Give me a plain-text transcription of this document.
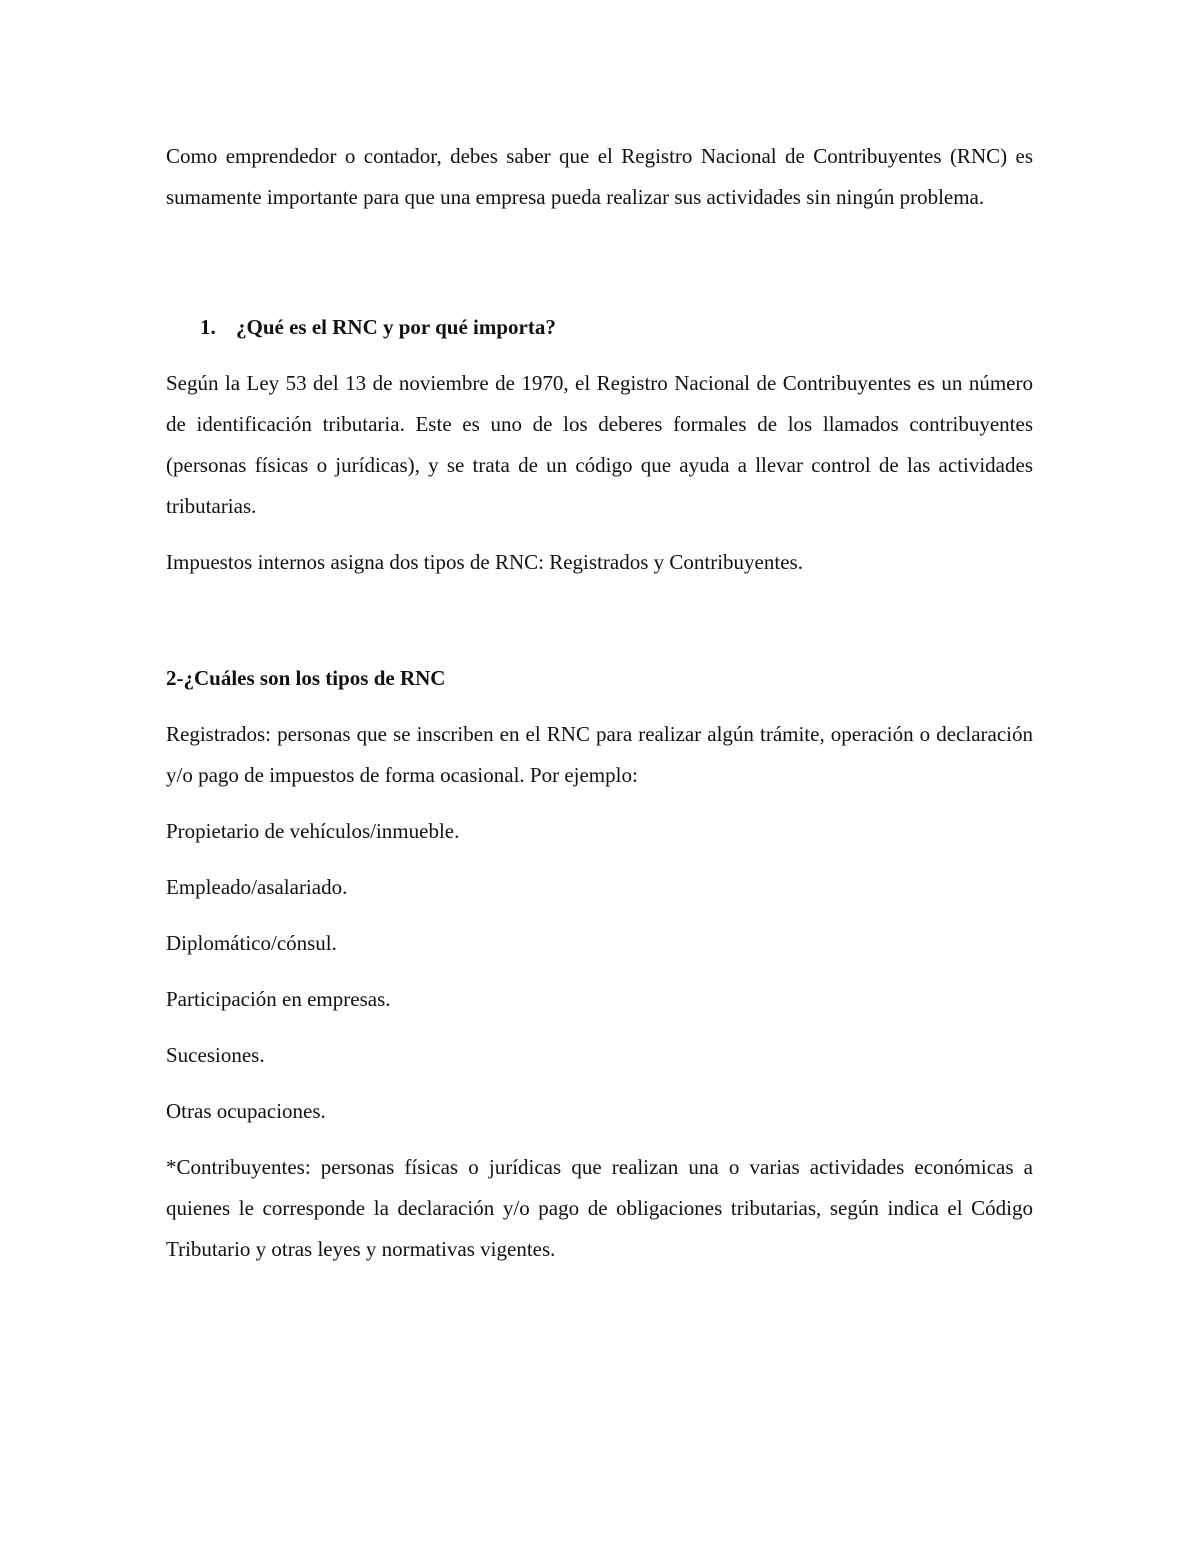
Como emprendedor o contador, debes saber que el Registro Nacional de Contribuyentes (RNC) es sumamente importante para que una empresa pueda realizar sus actividades sin ningún problema.

1. ¿Qué es el RNC y por qué importa?

Según la Ley 53 del 13 de noviembre de 1970, el Registro Nacional de Contribuyentes es un número de identificación tributaria. Este es uno de los deberes formales de los llamados contribuyentes (personas físicas o jurídicas), y se trata de un código que ayuda a llevar control de las actividades tributarias.

Impuestos internos asigna dos tipos de RNC: Registrados y Contribuyentes.

2-¿Cuáles son los tipos de RNC

Registrados: personas que se inscriben en el RNC para realizar algún trámite, operación o declaración y/o pago de impuestos de forma ocasional. Por ejemplo:

Propietario de vehículos/inmueble.

Empleado/asalariado.

Diplomático/cónsul.

Participación en empresas.

Sucesiones.

Otras ocupaciones.

*Contribuyentes: personas físicas o jurídicas que realizan una o varias actividades económicas a quienes le corresponde la declaración y/o pago de obligaciones tributarias, según indica el Código Tributario y otras leyes y normativas vigentes.
